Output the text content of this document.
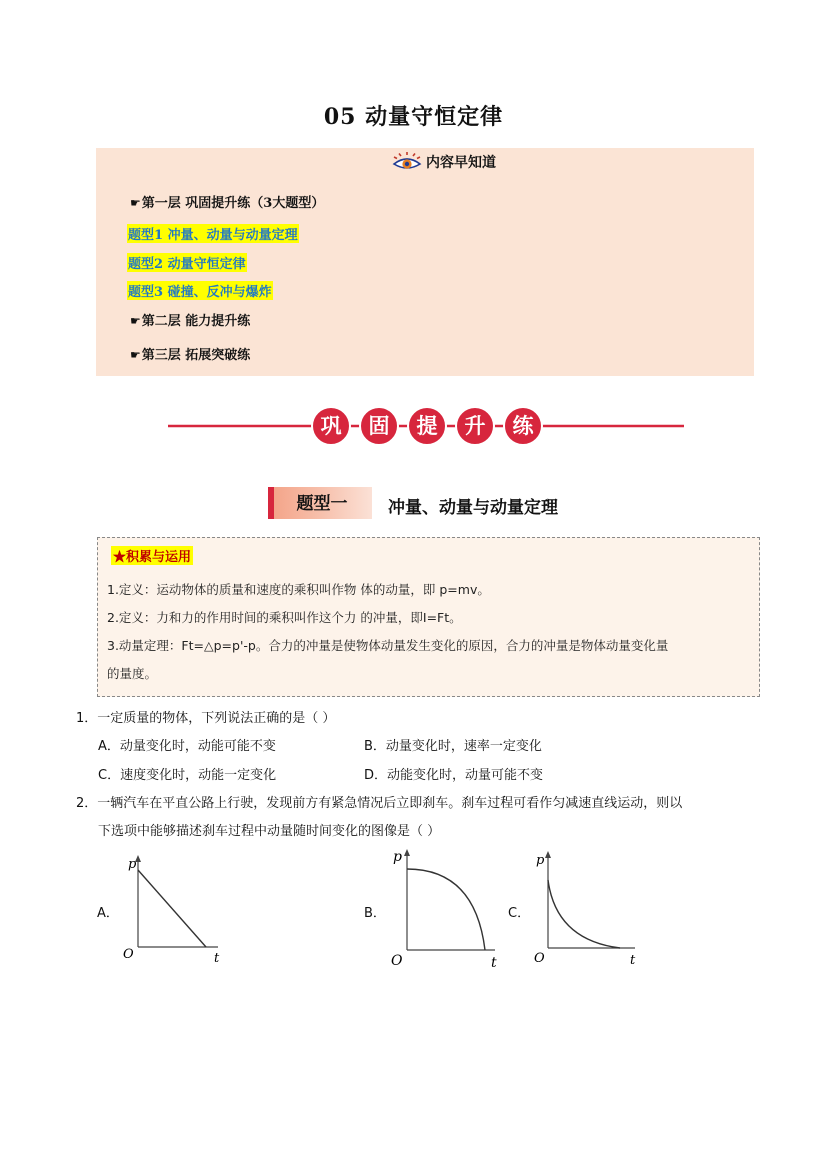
05 动量守恒定律
内容早知道
☛第一层 巩固提升练（3大题型）
题型1 冲量、动量与动量定理
题型2 动量守恒定律
题型3 碰撞、反冲与爆炸
☛第二层 能力提升练
☛第三层 拓展突破练
巩 固 提 升 练
题型一 冲量、动量与动量定理
★积累与运用
1.定义：运动物体的质量和速度的乘积叫作物 体的动量，即 p=mv。
2.定义：力和力的作用时间的乘积叫作这个力 的冲量，即I=Ft。
3.动量定理：Ft=△p=p'-p。合力的冲量是使物体动量发生变化的原因，合力的冲量是物体动量变化量
的量度。
1．一定质量的物体，下列说法正确的是（ ）
A．动量变化时，动能可能不变	B．动量变化时，速率一定变化
C．速度变化时，动能一定变化	D．动能变化时，动量可能不变
2．一辆汽车在平直公路上行驶，发现前方有紧急情况后立即刹车。刹车过程可看作匀减速直线运动，则以
下选项中能够描述刹车过程中动量随时间变化的图像是（ ）
A．
p
t
O
B．
p
t
O
C．
p
t
O
